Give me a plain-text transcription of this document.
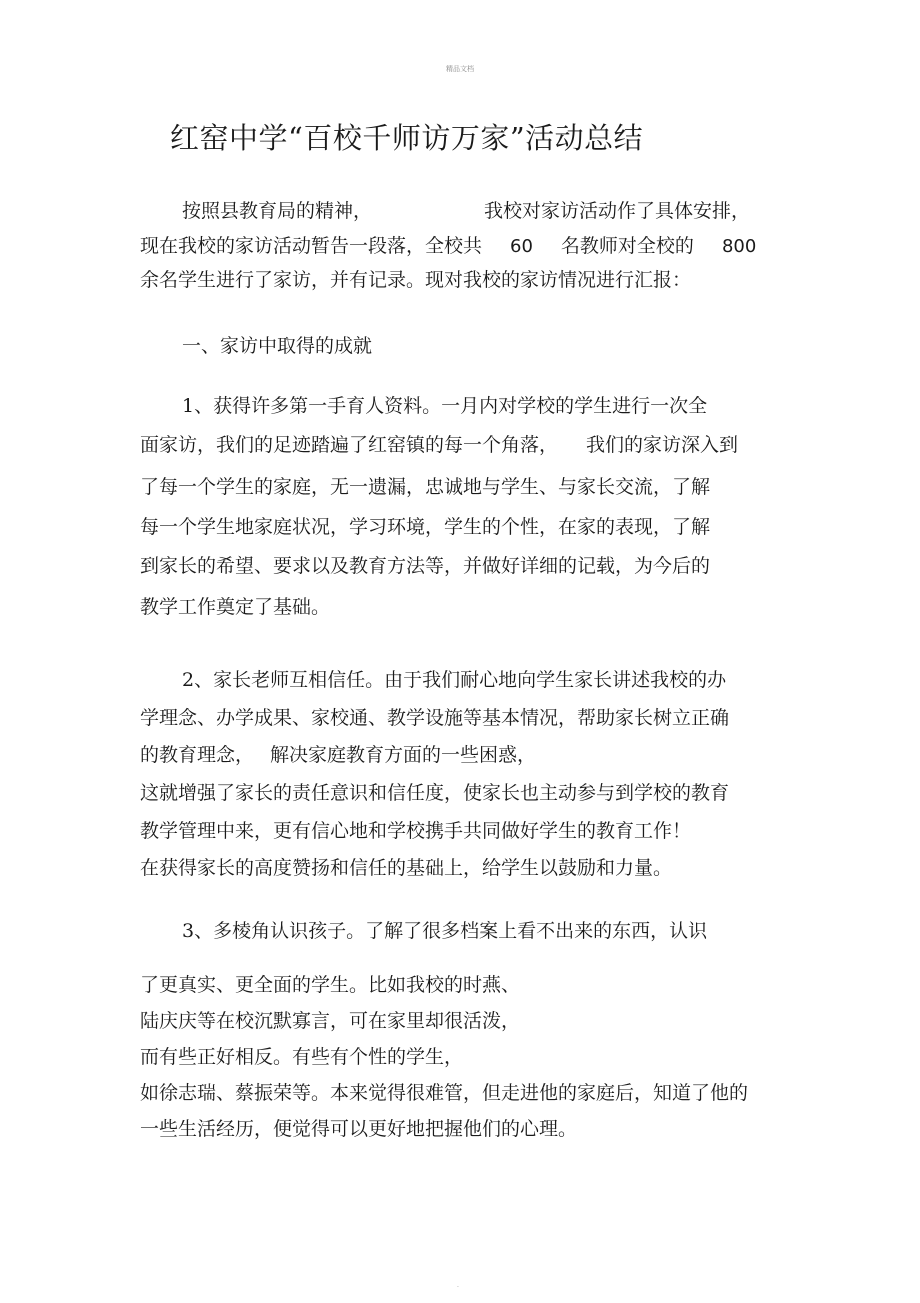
精品文档
红窑中学“百校千师访万家”活动总结
按照县教育局的精神，	我校对家访活动作了具体安排，
现在我校的家访活动暂告一段落，全校共 60 名教师对全校的 800
余名学生进行了家访，并有记录。现对我校的家访情况进行汇报：
一、家访中取得的成就
1、获得许多第一手育人资料。一月内对学校的学生进行一次全
面家访，我们的足迹踏遍了红窑镇的每一个角落， 我们的家访深入到
了每一个学生的家庭，无一遗漏，忠诚地与学生、与家长交流，了解
每一个学生地家庭状况，学习环境，学生的个性，在家的表现，了解
到家长的希望、要求以及教育方法等，并做好详细的记载，为今后的
教学工作奠定了基础。
2、家长老师互相信任。由于我们耐心地向学生家长讲述我校的办
学理念、办学成果、家校通、教学设施等基本情况，帮助家长树立正确
的教育理念， 解决家庭教育方面的一些困惑，
这就增强了家长的责任意识和信任度，使家长也主动参与到学校的教育
教学管理中来，更有信心地和学校携手共同做好学生的教育工作！
在获得家长的高度赞扬和信任的基础上，给学生以鼓励和力量。
3、多棱角认识孩子。了解了很多档案上看不出来的东西，认识
了更真实、更全面的学生。比如我校的时燕、
陆庆庆等在校沉默寡言，可在家里却很活泼，
而有些正好相反。有些有个性的学生，
如徐志瑞、蔡振荣等。本来觉得很难管，但走进他的家庭后，知道了他的
一些生活经历，便觉得可以更好地把握他们的心理。
.
